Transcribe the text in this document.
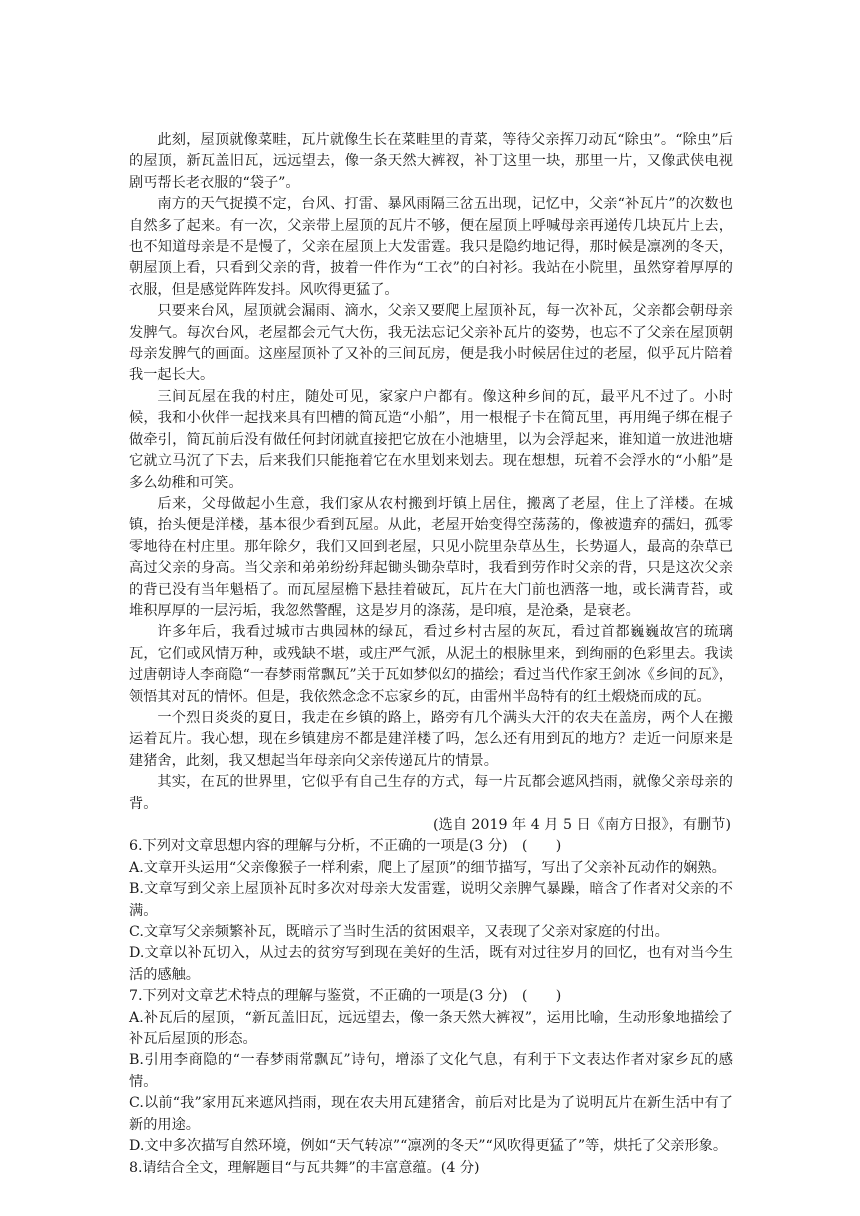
此刻，屋顶就像菜畦，瓦片就像生长在菜畦里的青菜，等待父亲挥刀动瓦“除虫”。“除虫”后的屋顶，新瓦盖旧瓦，远远望去，像一条天然大裤衩，补丁这里一块，那里一片，又像武侠电视剧丐帮长老衣服的“袋子”。

南方的天气捉摸不定，台风、打雷、暴风雨隔三岔五出现，记忆中，父亲“补瓦片”的次数也自然多了起来。有一次，父亲带上屋顶的瓦片不够，便在屋顶上呼喊母亲再递传几块瓦片上去，也不知道母亲是不是慢了，父亲在屋顶上大发雷霆。我只是隐约地记得，那时候是凛冽的冬天，朝屋顶上看，只看到父亲的背，披着一件作为“工衣”的白衬衫。我站在小院里，虽然穿着厚厚的衣服，但是感觉阵阵发抖。风吹得更猛了。

只要来台风，屋顶就会漏雨、滴水，父亲又要爬上屋顶补瓦，每一次补瓦，父亲都会朝母亲发脾气。每次台风，老屋都会元气大伤，我无法忘记父亲补瓦片的姿势，也忘不了父亲在屋顶朝母亲发脾气的画面。这座屋顶补了又补的三间瓦房，便是我小时候居住过的老屋，似乎瓦片陪着我一起长大。

三间瓦屋在我的村庄，随处可见，家家户户都有。像这种乡间的瓦，最平凡不过了。小时候，我和小伙伴一起找来具有凹槽的简瓦造“小船”，用一根棍子卡在简瓦里，再用绳子绑在棍子做牵引，简瓦前后没有做任何封闭就直接把它放在小池塘里，以为会浮起来，谁知道一放进池塘它就立马沉了下去，后来我们只能拖着它在水里划来划去。现在想想，玩着不会浮水的“小船”是多么幼稚和可笑。

后来，父母做起小生意，我们家从农村搬到圩镇上居住，搬离了老屋，住上了洋楼。在城镇，抬头便是洋楼，基本很少看到瓦屋。从此，老屋开始变得空荡荡的，像被遗弃的孺妇，孤零零地待在村庄里。那年除夕，我们又回到老屋，只见小院里杂草丛生，长势逼人，最高的杂草已高过父亲的身高。当父亲和弟弟纷纷拜起锄头锄杂草时，我看到劳作时父亲的背，只是这次父亲的背已没有当年魁梧了。而瓦屋屋檐下悬挂着破瓦，瓦片在大门前也洒落一地，或长满青苔，或堆积厚厚的一层污垢，我忽然警醒，这是岁月的涤荡，是印痕，是沧桑，是衰老。

许多年后，我看过城市古典园林的绿瓦，看过乡村古屋的灰瓦，看过首都巍巍故宫的琉璃瓦，它们或风情万种，或残缺不堪，或庄严气派，从泥土的根脉里来，到绚丽的色彩里去。我读过唐朝诗人李商隐“一春梦雨常飘瓦”关于瓦如梦似幻的描绘；看过当代作家王剑冰《乡间的瓦》，领悟其对瓦的情怀。但是，我依然念念不忘家乡的瓦，由雷州半岛特有的红土煅烧而成的瓦。

一个烈日炎炎的夏日，我走在乡镇的路上，路旁有几个满头大汗的农夫在盖房，两个人在搬运着瓦片。我心想，现在乡镇建房不都是建洋楼了吗，怎么还有用到瓦的地方？走近一问原来是建猪舍，此刻，我又想起当年母亲向父亲传递瓦片的情景。

其实，在瓦的世界里，它似乎有自己生存的方式，每一片瓦都会遮风挡雨，就像父亲母亲的背。

(选自 2019 年 4 月 5 日《南方日报》，有删节)

6.下列对文章思想内容的理解与分析，不正确的一项是(3 分)　(　　)

A.文章开头运用“父亲像猴子一样利索，爬上了屋顶”的细节描写，写出了父亲补瓦动作的娴熟。

B.文章写到父亲上屋顶补瓦时多次对母亲大发雷霆，说明父亲脾气暴躁，暗含了作者对父亲的不满。

C.文章写父亲频繁补瓦，既暗示了当时生活的贫困艰辛，又表现了父亲对家庭的付出。

D.文章以补瓦切入，从过去的贫穷写到现在美好的生活，既有对过往岁月的回忆，也有对当今生活的感触。

7.下列对文章艺术特点的理解与鉴赏，不正确的一项是(3 分)　(　　)

A.补瓦后的屋顶，“新瓦盖旧瓦，远远望去，像一条天然大裤衩”，运用比喻，生动形象地描绘了补瓦后屋顶的形态。

B.引用李商隐的“一春梦雨常飘瓦”诗句，增添了文化气息，有利于下文表达作者对家乡瓦的感情。

C.以前“我”家用瓦来遮风挡雨，现在农夫用瓦建猪舍，前后对比是为了说明瓦片在新生活中有了新的用途。

D.文中多次描写自然环境，例如“天气转凉”“凛冽的冬天”“风吹得更猛了”等，烘托了父亲形象。

8.请结合全文，理解题目“与瓦共舞”的丰富意蕴。(4 分)
